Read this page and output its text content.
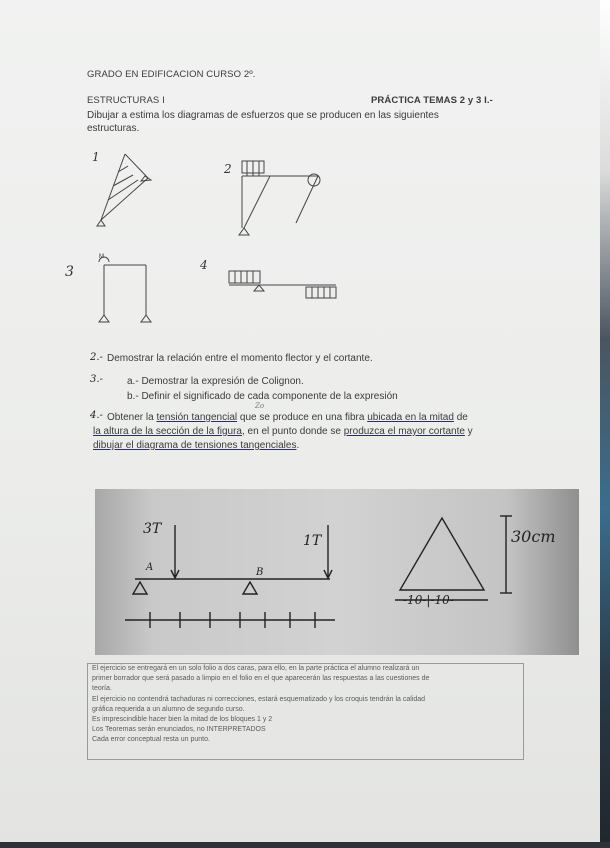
GRADO EN EDIFICACION CURSO 2º.
ESTRUCTURAS I	PRÁCTICA TEMAS 2 y 3 I.-
Dibujar a estima los diagramas de esfuerzos que se producen en las siguientes
estructuras.
1
2
3	4
M
2.- Demostrar la relación entre el momento flector y el cortante.
3.- a.- Demostrar la expresión de Colignon.
b.- Definir el significado de cada componente de la expresión
4.- Obtener la tensión tangencial que se produce en una fibra ubicada en la mitad de
Zo
la altura de la sección de la figura, en el punto donde se produzca el mayor cortante y
dibujar el diagrama de tensiones tangenciales.
3T
1T
A	B
30cm
-10-|-10-

El ejercicio se entregará en un solo folio a dos caras, para ello, en la parte práctica el alumno realizará un

primer borrador que será pasado a limpio en el folio en el que aparecerán las respuestas a las cuestiones de

teoría.

El ejercicio no contendrá tachaduras ni correcciones, estará esquematizado y los croquis tendrán la calidad

gráfica requerida a un alumno de segundo curso.

Es imprescindible hacer bien la mitad de los bloques 1 y 2

Los Teoremas serán enunciados, no INTERPRETADOS

Cada error conceptual resta un punto.
